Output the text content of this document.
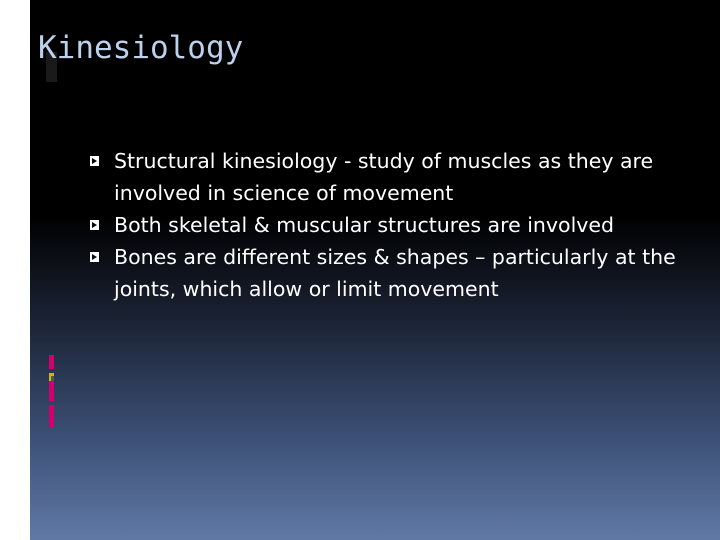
Kinesiology
Structural kinesiology - study of muscles as they are involved in science of movement
Both skeletal & muscular structures are involved
Bones are different sizes & shapes – particularly at the joints, which allow or limit movement
